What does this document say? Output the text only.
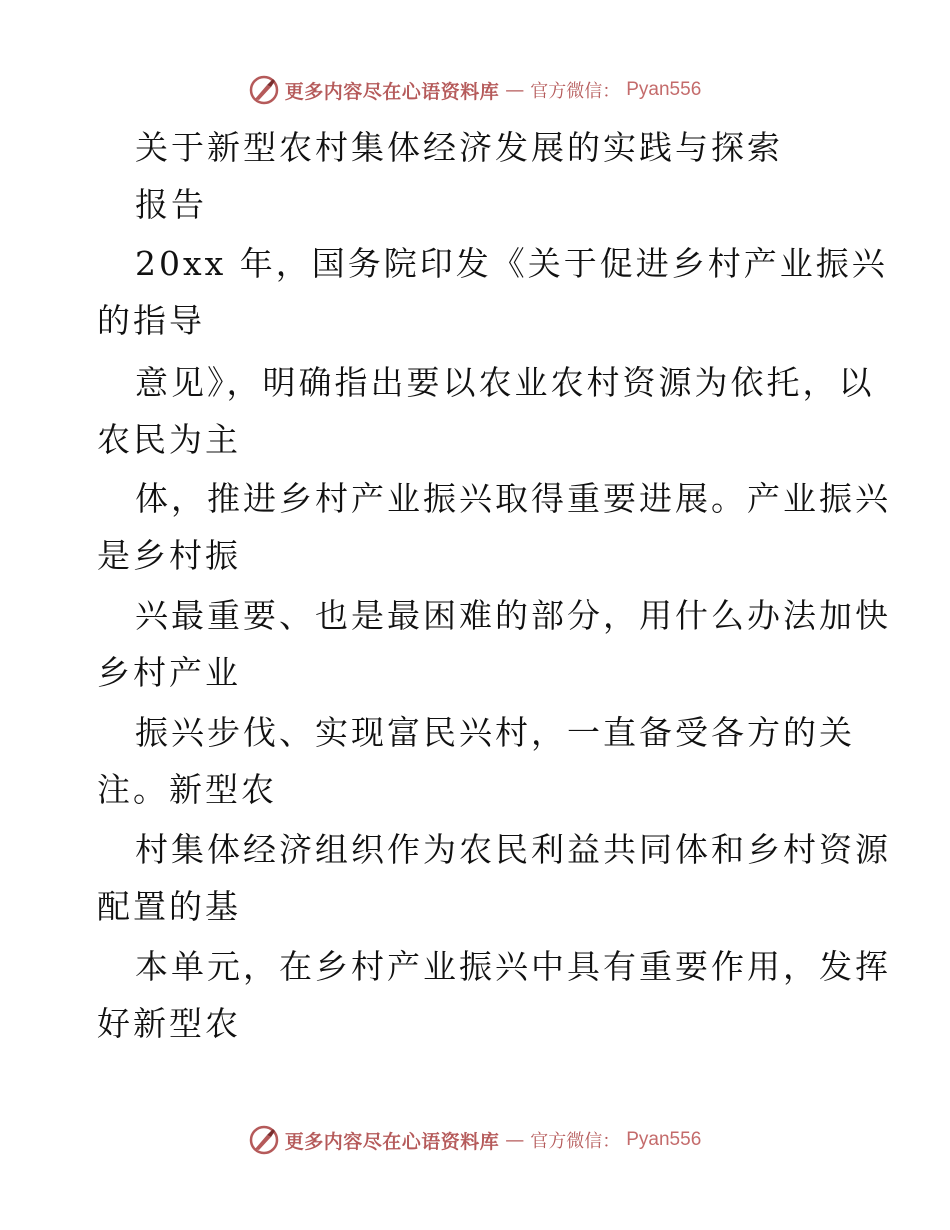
更多内容尽在心语资料库 — 官方微信： Pyan556
关于新型农村集体经济发展的实践与探索
报告
20xx 年，国务院印发《关于促进乡村产业振兴
的指导
意见》，明确指出要以农业农村资源为依托，以
农民为主
体，推进乡村产业振兴取得重要进展。产业振兴
是乡村振
兴最重要、也是最困难的部分，用什么办法加快
乡村产业
振兴步伐、实现富民兴村，一直备受各方的关
注。新型农
村集体经济组织作为农民利益共同体和乡村资源
配置的基
本单元，在乡村产业振兴中具有重要作用，发挥
好新型农
更多内容尽在心语资料库 — 官方微信： Pyan556
